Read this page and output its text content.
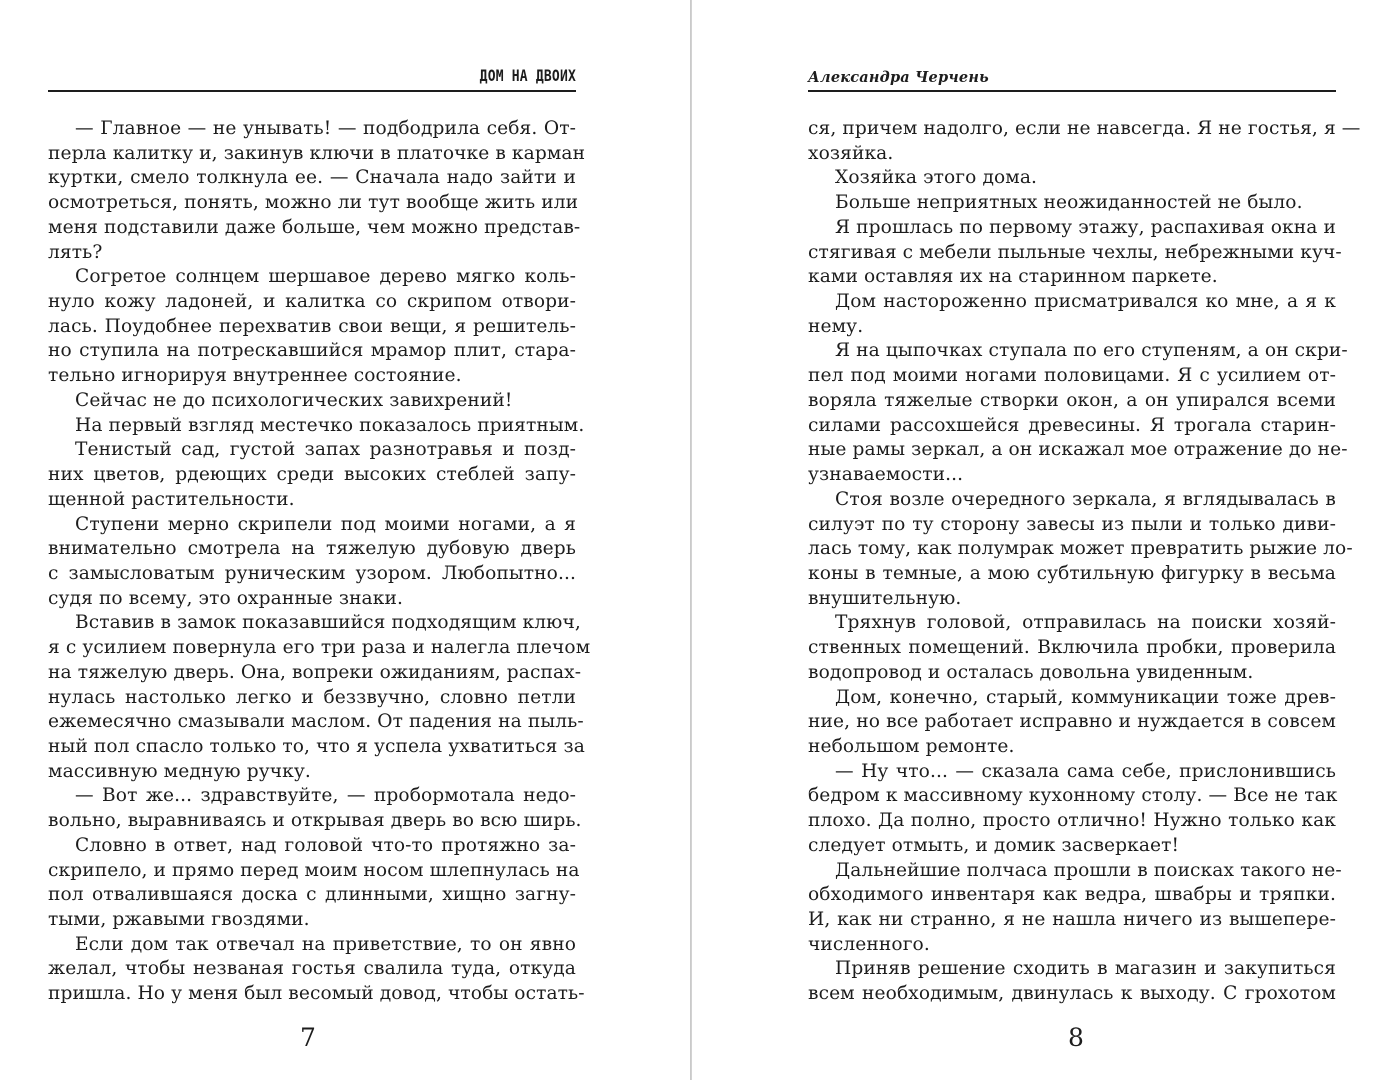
ДОМ НА ДВОИХ
— Главное — не унывать! — подбодрила себя. От-
перла калитку и, закинув ключи в платочке в карман
куртки, смело толкнула ее. — Сначала надо зайти и
осмотреться, понять, можно ли тут вообще жить или
меня подставили даже больше, чем можно представ-
лять?
Согретое солнцем шершавое дерево мягко коль-
нуло кожу ладоней, и калитка со скрипом отвори-
лась. Поудобнее перехватив свои вещи, я решитель-
но ступила на потрескавшийся мрамор плит, стара-
тельно игнорируя внутреннее состояние.
Сейчас не до психологических завихрений!
На первый взгляд местечко показалось приятным.
Тенистый сад, густой запах разнотравья и позд-
них цветов, рдеющих среди высоких стеблей запу-
щенной растительности.
Ступени мерно скрипели под моими ногами, а я
внимательно смотрела на тяжелую дубовую дверь
с замысловатым руническим узором. Любопытно...
судя по всему, это охранные знаки.
Вставив в замок показавшийся подходящим ключ,
я с усилием повернула его три раза и налегла плечом
на тяжелую дверь. Она, вопреки ожиданиям, распах-
нулась настолько легко и беззвучно, словно петли
ежемесячно смазывали маслом. От падения на пыль-
ный пол спасло только то, что я успела ухватиться за
массивную медную ручку.
— Вот же... здравствуйте, — пробормотала недо-
вольно, выравниваясь и открывая дверь во всю ширь.
Словно в ответ, над головой что-то протяжно за-
скрипело, и прямо перед моим носом шлепнулась на
пол отвалившаяся доска с длинными, хищно загну-
тыми, ржавыми гвоздями.
Если дом так отвечал на приветствие, то он явно
желал, чтобы незваная гостья свалила туда, откуда
пришла. Но у меня был весомый довод, чтобы остать-
7
Александра Черчень
ся, причем надолго, если не навсегда. Я не гостья, я —
хозяйка.
Хозяйка этого дома.
Больше неприятных неожиданностей не было.
Я прошлась по первому этажу, распахивая окна и
стягивая с мебели пыльные чехлы, небрежными куч-
ками оставляя их на старинном паркете.
Дом настороженно присматривался ко мне, а я к
нему.
Я на цыпочках ступала по его ступеням, а он скри-
пел под моими ногами половицами. Я с усилием от-
воряла тяжелые створки окон, а он упирался всеми
силами рассохшейся древесины. Я трогала старин-
ные рамы зеркал, а он искажал мое отражение до не-
узнаваемости...
Стоя возле очередного зеркала, я вглядывалась в
силуэт по ту сторону завесы из пыли и только диви-
лась тому, как полумрак может превратить рыжие ло-
коны в темные, а мою субтильную фигурку в весьма
внушительную.
Тряхнув головой, отправилась на поиски хозяй-
ственных помещений. Включила пробки, проверила
водопровод и осталась довольна увиденным.
Дом, конечно, старый, коммуникации тоже древ-
ние, но все работает исправно и нуждается в совсем
небольшом ремонте.
— Ну что... — сказала сама себе, прислонившись
бедром к массивному кухонному столу. — Все не так
плохо. Да полно, просто отлично! Нужно только как
следует отмыть, и домик засверкает!
Дальнейшие полчаса прошли в поисках такого не-
обходимого инвентаря как ведра, швабры и тряпки.
И, как ни странно, я не нашла ничего из вышепере-
численного.
Приняв решение сходить в магазин и закупиться
всем необходимым, двинулась к выходу. С грохотом
8
